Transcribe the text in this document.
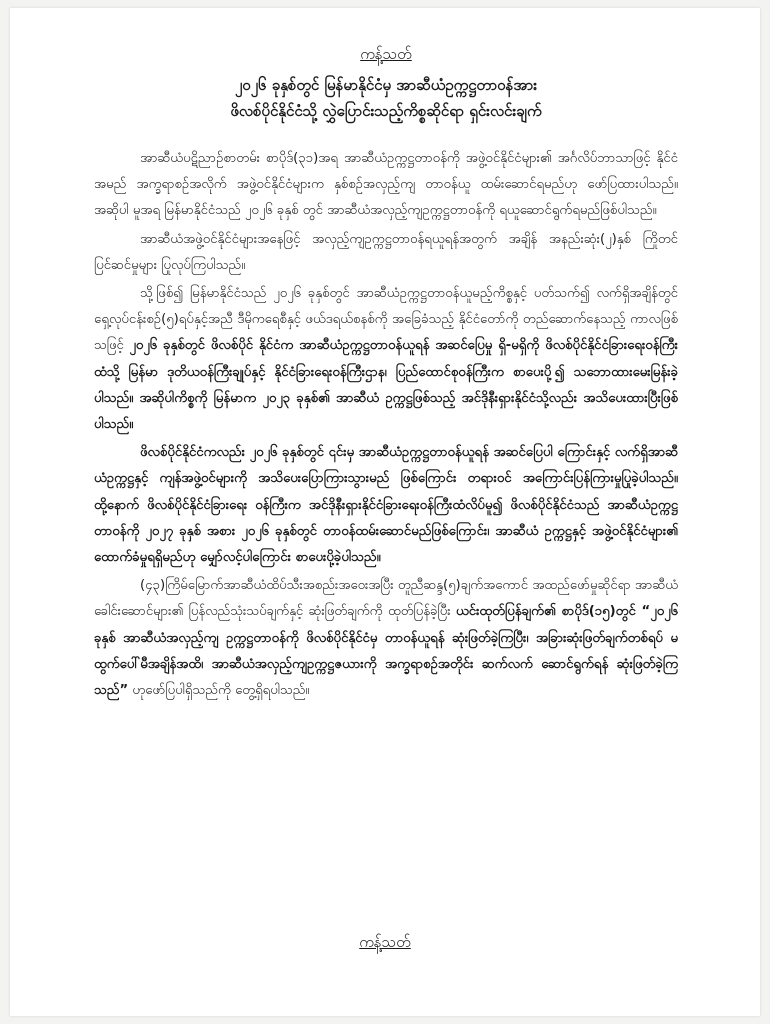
ကန့်သတ်
၂၀၂၆ ခုနှစ်တွင် မြန်မာနိုင်ငံမှ အာဆီယံဥက္ကဋ္ဌတာဝန်အား
ဖိလစ်ပိုင်နိုင်ငံသို့ လွှဲပြောင်းသည့်ကိစ္စဆိုင်ရာ ရှင်းလင်းချက်

အာဆီယံပဋိညာဉ်စာတမ်း စာပိုဒ်(၃၁)အရ အာဆီယံဥက္ကဋ္ဌတာဝန်ကို အဖွဲ့ဝင်နိုင်ငံများ၏ အင်္ဂလိပ်ဘာသာဖြင့် နိုင်ငံအမည် အက္ခရာစဉ်အလိုက် အဖွဲ့ဝင်နိုင်ငံများက နှစ်စဉ်အလှည့်ကျ တာဝန်ယူ ထမ်းဆောင်ရမည်ဟု ဖော်ပြထားပါသည်။ အဆိုပါ မူအရ မြန်မာနိုင်ငံသည် ၂၀၂၆ ခုနှစ် တွင် အာဆီယံအလှည့်ကျဥက္ကဋ္ဌတာဝန်ကို ရယူဆောင်ရွက်ရမည်ဖြစ်ပါသည်။

အာဆီယံအဖွဲ့ဝင်နိုင်ငံများအနေဖြင့် အလှည့်ကျဥက္ကဋ္ဌတာဝန်ရယူရန်အတွက် အချိန် အနည်းဆုံး(၂)နှစ် ကြိုတင်ပြင်ဆင်မှုများ ပြုလုပ်ကြပါသည်။

သို့ဖြစ်၍ မြန်မာနိုင်ငံသည် ၂၀၂၆ ခုနှစ်တွင် အာဆီယံဥက္ကဋ္ဌတာဝန်ယူမည့်ကိစ္စနှင့် ပတ်သက်၍ လက်ရှိအချိန်တွင် ရှေ့လုပ်ငန်းစဉ်(၅)ရပ်နှင့်အညီ ဒီမိုကရေစီနှင့် ဖယ်ဒရယ်စနစ်ကို အခြေခံသည့် နိုင်ငံတော်ကို တည်ဆောက်နေသည့် ကာလဖြစ်သဖြင့် ၂၀၂၆ ခုနှစ်တွင် ဖိလစ်ပိုင် နိုင်ငံက အာဆီယံဥက္ကဋ္ဌတာဝန်ယူရန် အဆင်ပြေမှု ရှိ-မရှိကို ဖိလစ်ပိုင်နိုင်ငံခြားရေးဝန်ကြီး ထံသို့ မြန်မာ ဒုတိယဝန်ကြီးချုပ်နှင့် နိုင်ငံခြားရေးဝန်ကြီးဌာန၊ ပြည်ထောင်စုဝန်ကြီးက စာပေးပို့၍ သဘောထားမေးမြန်းခဲ့ပါသည်။ အဆိုပါကိစ္စကို မြန်မာက ၂၀၂၃ ခုနှစ်၏ အာဆီယံ ဥက္ကဋ္ဌဖြစ်သည့် အင်ဒိုနီးရှားနိုင်ငံသို့လည်း အသိပေးထားပြီးဖြစ်ပါသည်။

ဖိလစ်ပိုင်နိုင်ငံကလည်း ၂၀၂၆ ခုနှစ်တွင် ၎င်းမှ အာဆီယံဥက္ကဋ္ဌတာဝန်ယူရန် အဆင်ပြေပါ ကြောင်းနှင့် လက်ရှိအာဆီယံဥက္ကဋ္ဌနှင့် ကျန်အဖွဲ့ဝင်များကို အသိပေးပြောကြားသွားမည် ဖြစ်ကြောင်း တရားဝင် အကြောင်းပြန်ကြားမှုပြုခဲ့ပါသည်။ ထို့နောက် ဖိလစ်ပိုင်နိုင်ငံခြားရေး ဝန်ကြီးက အင်ဒိုနီးရှားနိုင်ငံခြားရေးဝန်ကြီးထံလိပ်မူ၍ ဖိလစ်ပိုင်နိုင်ငံသည် အာဆီယံဥက္ကဋ္ဌ တာဝန်ကို ၂၀၂၇ ခုနှစ် အစား ၂၀၂၆ ခုနှစ်တွင် တာဝန်ထမ်းဆောင်မည်ဖြစ်ကြောင်း၊ အာဆီယံ ဥက္ကဋ္ဌနှင့် အဖွဲ့ဝင်နိုင်ငံများ၏ ထောက်ခံမှုရရှိမည်ဟု မျှော်လင့်ပါကြောင်း စာပေးပို့ခဲ့ပါသည်။

(၄၃)ကြိမ်မြောက်အာဆီယံထိပ်သီးအစည်းအဝေးအပြီး တူညီဆန္ဒ(၅)ချက်အကောင် အထည်ဖော်မှုဆိုင်ရာ အာဆီယံခေါင်းဆောင်များ၏ ပြန်လည်သုံးသပ်ချက်နှင့် ဆုံးဖြတ်ချက်ကို ထုတ်ပြန်ခဲ့ပြီး ယင်းထုတ်ပြန်ချက်၏ စာပိုဒ်(၁၅)တွင် “၂၀၂၆ ခုနှစ် အာဆီယံအလှည့်ကျ ဥက္ကဋ္ဌတာဝန်ကို ဖိလစ်ပိုင်နိုင်ငံမှ တာဝန်ယူရန် ဆုံးဖြတ်ခဲ့ကြပြီး၊ အခြားဆုံးဖြတ်ချက်တစ်ရပ် မထွက်ပေါ်မီအချိန်အထိ၊ အာဆီယံအလှည့်ကျဥက္ကဋ္ဌဇယားကို အက္ခရာစဉ်အတိုင်း ဆက်လက် ဆောင်ရွက်ရန် ဆုံးဖြတ်ခဲ့ကြသည်” ဟုဖော်ပြပါရှိသည်ကို တွေ့ရှိရပါသည်။

ကန့်သတ်
